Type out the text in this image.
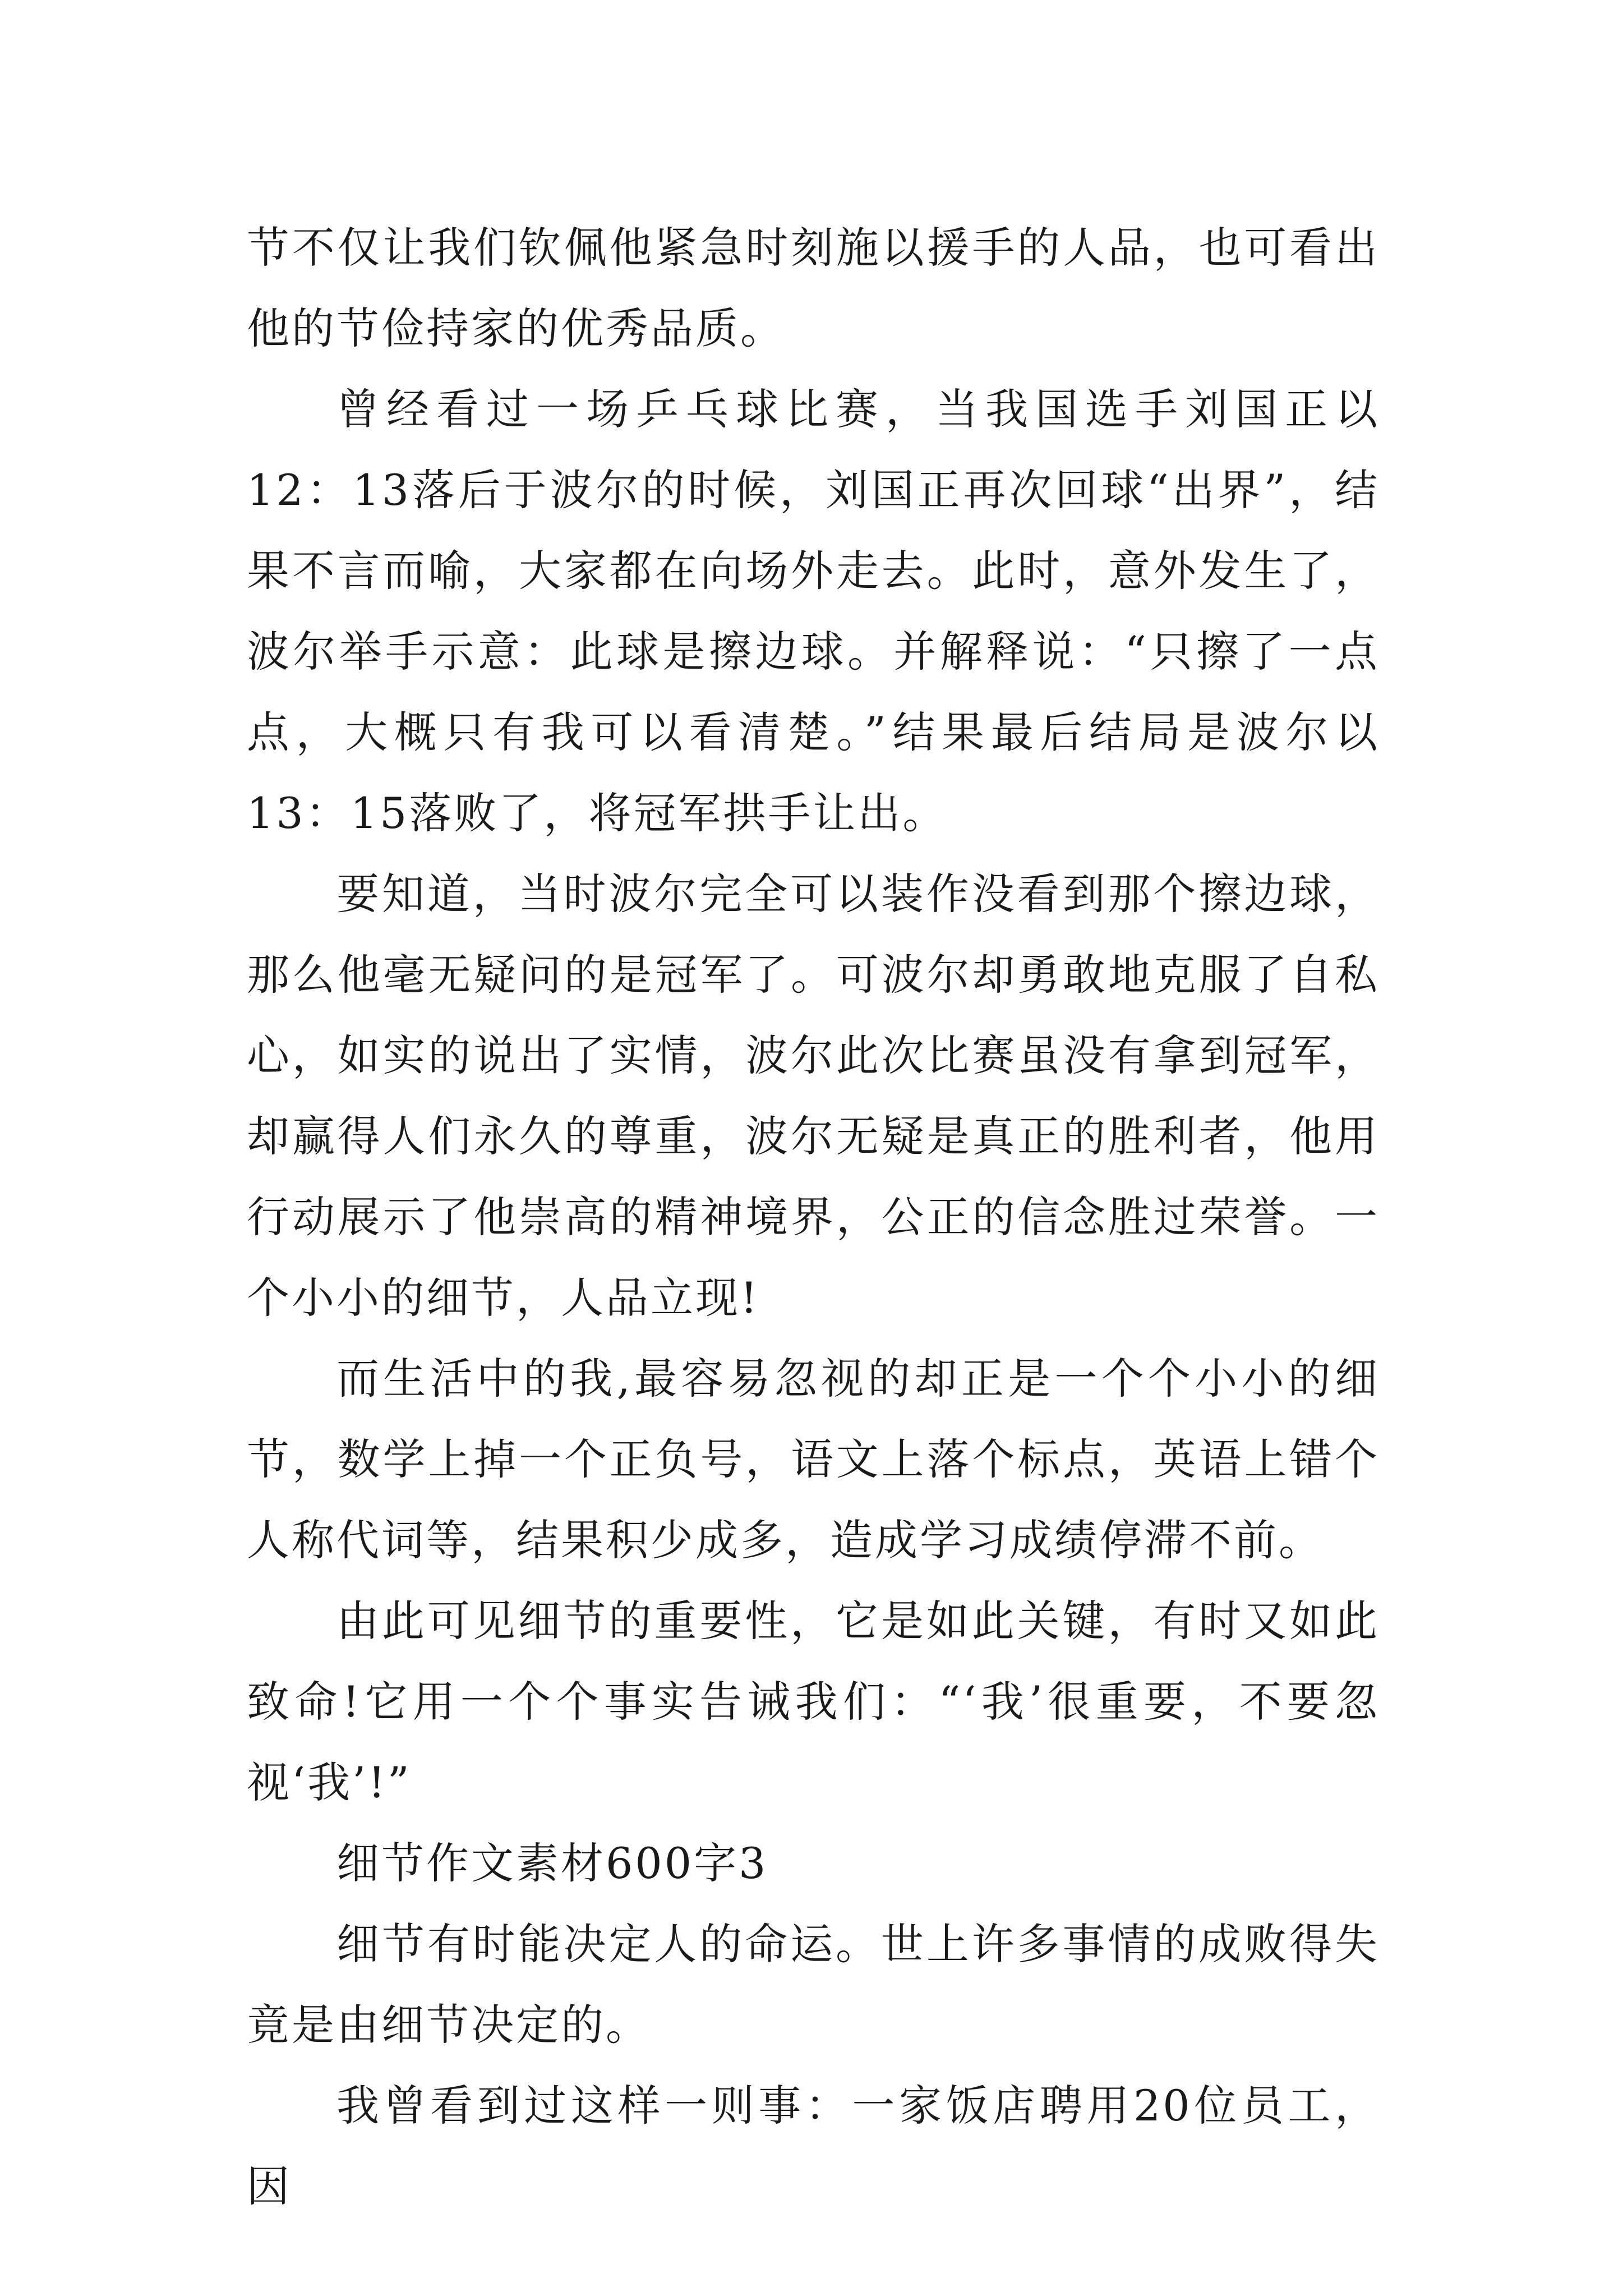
节不仅让我们钦佩他紧急时刻施以援手的人品，也可看出他的节俭持家的优秀品质。

曾经看过一场乒乓球比赛，当我国选手刘国正以12：13落后于波尔的时候，刘国正再次回球“出界”，结果不言而喻，大家都在向场外走去。此时，意外发生了，波尔举手示意：此球是擦边球。并解释说：“只擦了一点点，大概只有我可以看清楚。”结果最后结局是波尔以13：15落败了，将冠军拱手让出。

要知道，当时波尔完全可以装作没看到那个擦边球，那么他毫无疑问的是冠军了。可波尔却勇敢地克服了自私心，如实的说出了实情，波尔此次比赛虽没有拿到冠军，却赢得人们永久的尊重，波尔无疑是真正的胜利者，他用行动展示了他崇高的精神境界，公正的信念胜过荣誉。一个小小的细节，人品立现!

而生活中的我,最容易忽视的却正是一个个小小的细节，数学上掉一个正负号，语文上落个标点，英语上错个人称代词等，结果积少成多，造成学习成绩停滞不前。

由此可见细节的重要性，它是如此关键，有时又如此致命!它用一个个事实告诫我们：“‘我’很重要，不要忽视‘我’!”

细节作文素材600字3

细节有时能决定人的命运。世上许多事情的成败得失竟是由细节决定的。

我曾看到过这样一则事：一家饭店聘用20位员工，因
